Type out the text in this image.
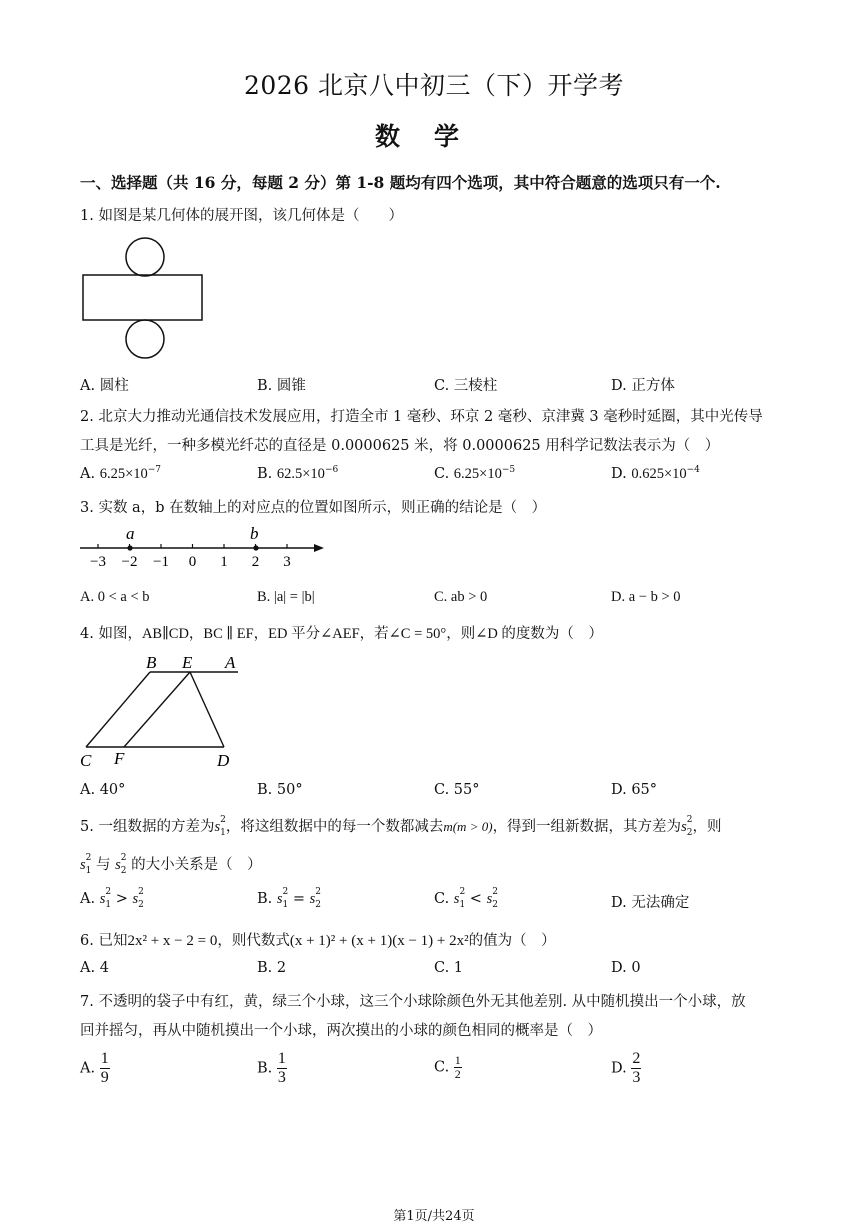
2026 北京八中初三（下）开学考
数学
一、选择题（共 16 分，每题 2 分）第 1-8 题均有四个选项，其中符合题意的选项只有一个.
1. 如图是某几何体的展开图，该几何体是（　　）
A. 圆柱	B. 圆锥	C. 三棱柱	D. 正方体
2. 北京大力推动光通信技术发展应用，打造全市 1 毫秒、环京 2 毫秒、京津冀 3 毫秒时延圈，其中光传导
工具是光纤，一种多模光纤芯的直径是 0.0000625 米，将 0.0000625 用科学记数法表示为（　）
A. $6.25\times 10^{-7}$	B. $62.5\times 10^{-6}$	C. $6.25\times 10^{-5}$	D. $0.625\times 10^{-4}$
3. 实数 a，b 在数轴上的对应点的位置如图所示，则正确的结论是（　）
−3 −2 −1 0 1 2 3
a	b
A. 0 < a < b	B. |a| = |b|	C. ab > 0	D. a − b > 0
4. 如图，AB∥CD，BC ∥ EF，ED 平分∠AEF，若∠C = 50°，则∠D 的度数为（　）
B E A
C F	D
A. 40°	B. 50°	C. 55°	D. 65°
5. 一组数据的方差为s $_{2 1}$，将这组数据中的每一个数都减去m(m > 0)，得到一组新数据，其方差为s $_{2 2}$，则
s $_{2 1}$ 与 s $_{2 2}$ 的大小关系是（　）
A. s $_{2 1}$ > s $_{2 2}$	B. s $_{2 1}$ = s $_{2 2}$	C. s $_{2 1}$ < s $_{2 2}$	D. 无法确定
6. 已知2x² + x − 2 = 0，则代数式(x + 1)² + (x + 1)(x − 1) + 2x²的值为（　）
A. 4	B. 2	C. 1	D. 0
7. 不透明的袋子中有红，黄，绿三个小球，这三个小球除颜色外无其他差别. 从中随机摸出一个小球，放
回并摇匀，再从中随机摸出一个小球，两次摸出的小球的颜色相同的概率是（　）
A. $\frac{1}{9}$	B. $\frac{1}{3}$	C. $\frac{1}{2}$	D. $\frac{2}{3}$
第1页/共24页
